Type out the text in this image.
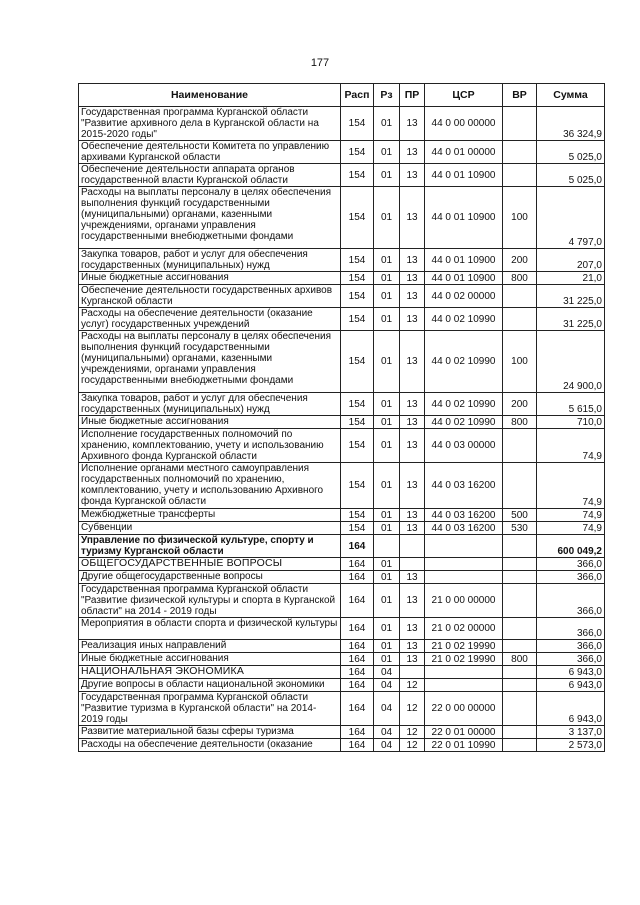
177
Наименование	Расп	Рз	ПР	ЦСР	ВР	Сумма
Государственная программа Курганской области "Развитие архивного дела в Курганской области на 2015-2020 годы"	154	01	13	44 0 00 00000		36 324,9
Обеспечение деятельности Комитета по управлению архивами Курганской области	154	01	13	44 0 01 00000		5 025,0
Обеспечение деятельности аппарата органов государственной власти Курганской области	154	01	13	44 0 01 10900		5 025,0
Расходы на выплаты персоналу в целях обеспечения выполнения функций государственными (муниципальными) органами, казенными учреждениями, органами управления государственными внебюджетными фондами	154	01	13	44 0 01 10900	100	4 797,0
Закупка товаров, работ и услуг для обеспечения государственных (муниципальных) нужд	154	01	13	44 0 01 10900	200	207,0
Иные бюджетные ассигнования	154	01	13	44 0 01 10900	800	21,0
Обеспечение деятельности государственных архивов Курганской области	154	01	13	44 0 02 00000		31 225,0
Расходы на обеспечение деятельности (оказание услуг) государственных учреждений	154	01	13	44 0 02 10990		31 225,0
Расходы на выплаты персоналу в целях обеспечения выполнения функций государственными (муниципальными) органами, казенными учреждениями, органами управления государственными внебюджетными фондами	154	01	13	44 0 02 10990	100	24 900,0
Закупка товаров, работ и услуг для обеспечения государственных (муниципальных) нужд	154	01	13	44 0 02 10990	200	5 615,0
Иные бюджетные ассигнования	154	01	13	44 0 02 10990	800	710,0
Исполнение государственных полномочий по хранению, комплектованию, учету и использованию Архивного фонда Курганской области	154	01	13	44 0 03 00000		74,9
Исполнение органами местного самоуправления государственных полномочий по хранению, комплектованию, учету и использованию Архивного фонда Курганской области	154	01	13	44 0 03 16200		74,9
Межбюджетные трансферты	154	01	13	44 0 03 16200	500	74,9
Субвенции	154	01	13	44 0 03 16200	530	74,9
Управление по физической культуре, спорту и туризму Курганской области	164					600 049,2
ОБЩЕГОСУДАРСТВЕННЫЕ ВОПРОСЫ	164	01				366,0
Другие общегосударственные вопросы	164	01	13			366,0
Государственная программа Курганской области "Развитие физической культуры и спорта в Курганской области" на 2014 - 2019 годы	164	01	13	21 0 00 00000		366,0
Мероприятия в области спорта и физической культуры	164	01	13	21 0 02 00000		366,0
Реализация иных направлений	164	01	13	21 0 02 19990		366,0
Иные бюджетные ассигнования	164	01	13	21 0 02 19990	800	366,0
НАЦИОНАЛЬНАЯ ЭКОНОМИКА	164	04				6 943,0
Другие вопросы в области национальной экономики	164	04	12			6 943,0
Государственная программа Курганской области "Развитие туризма в Курганской области" на 2014-2019 годы	164	04	12	22 0 00 00000		6 943,0
Развитие материальной базы сферы туризма	164	04	12	22 0 01 00000		3 137,0
Расходы на обеспечение деятельности (оказание	164	04	12	22 0 01 10990		2 573,0
